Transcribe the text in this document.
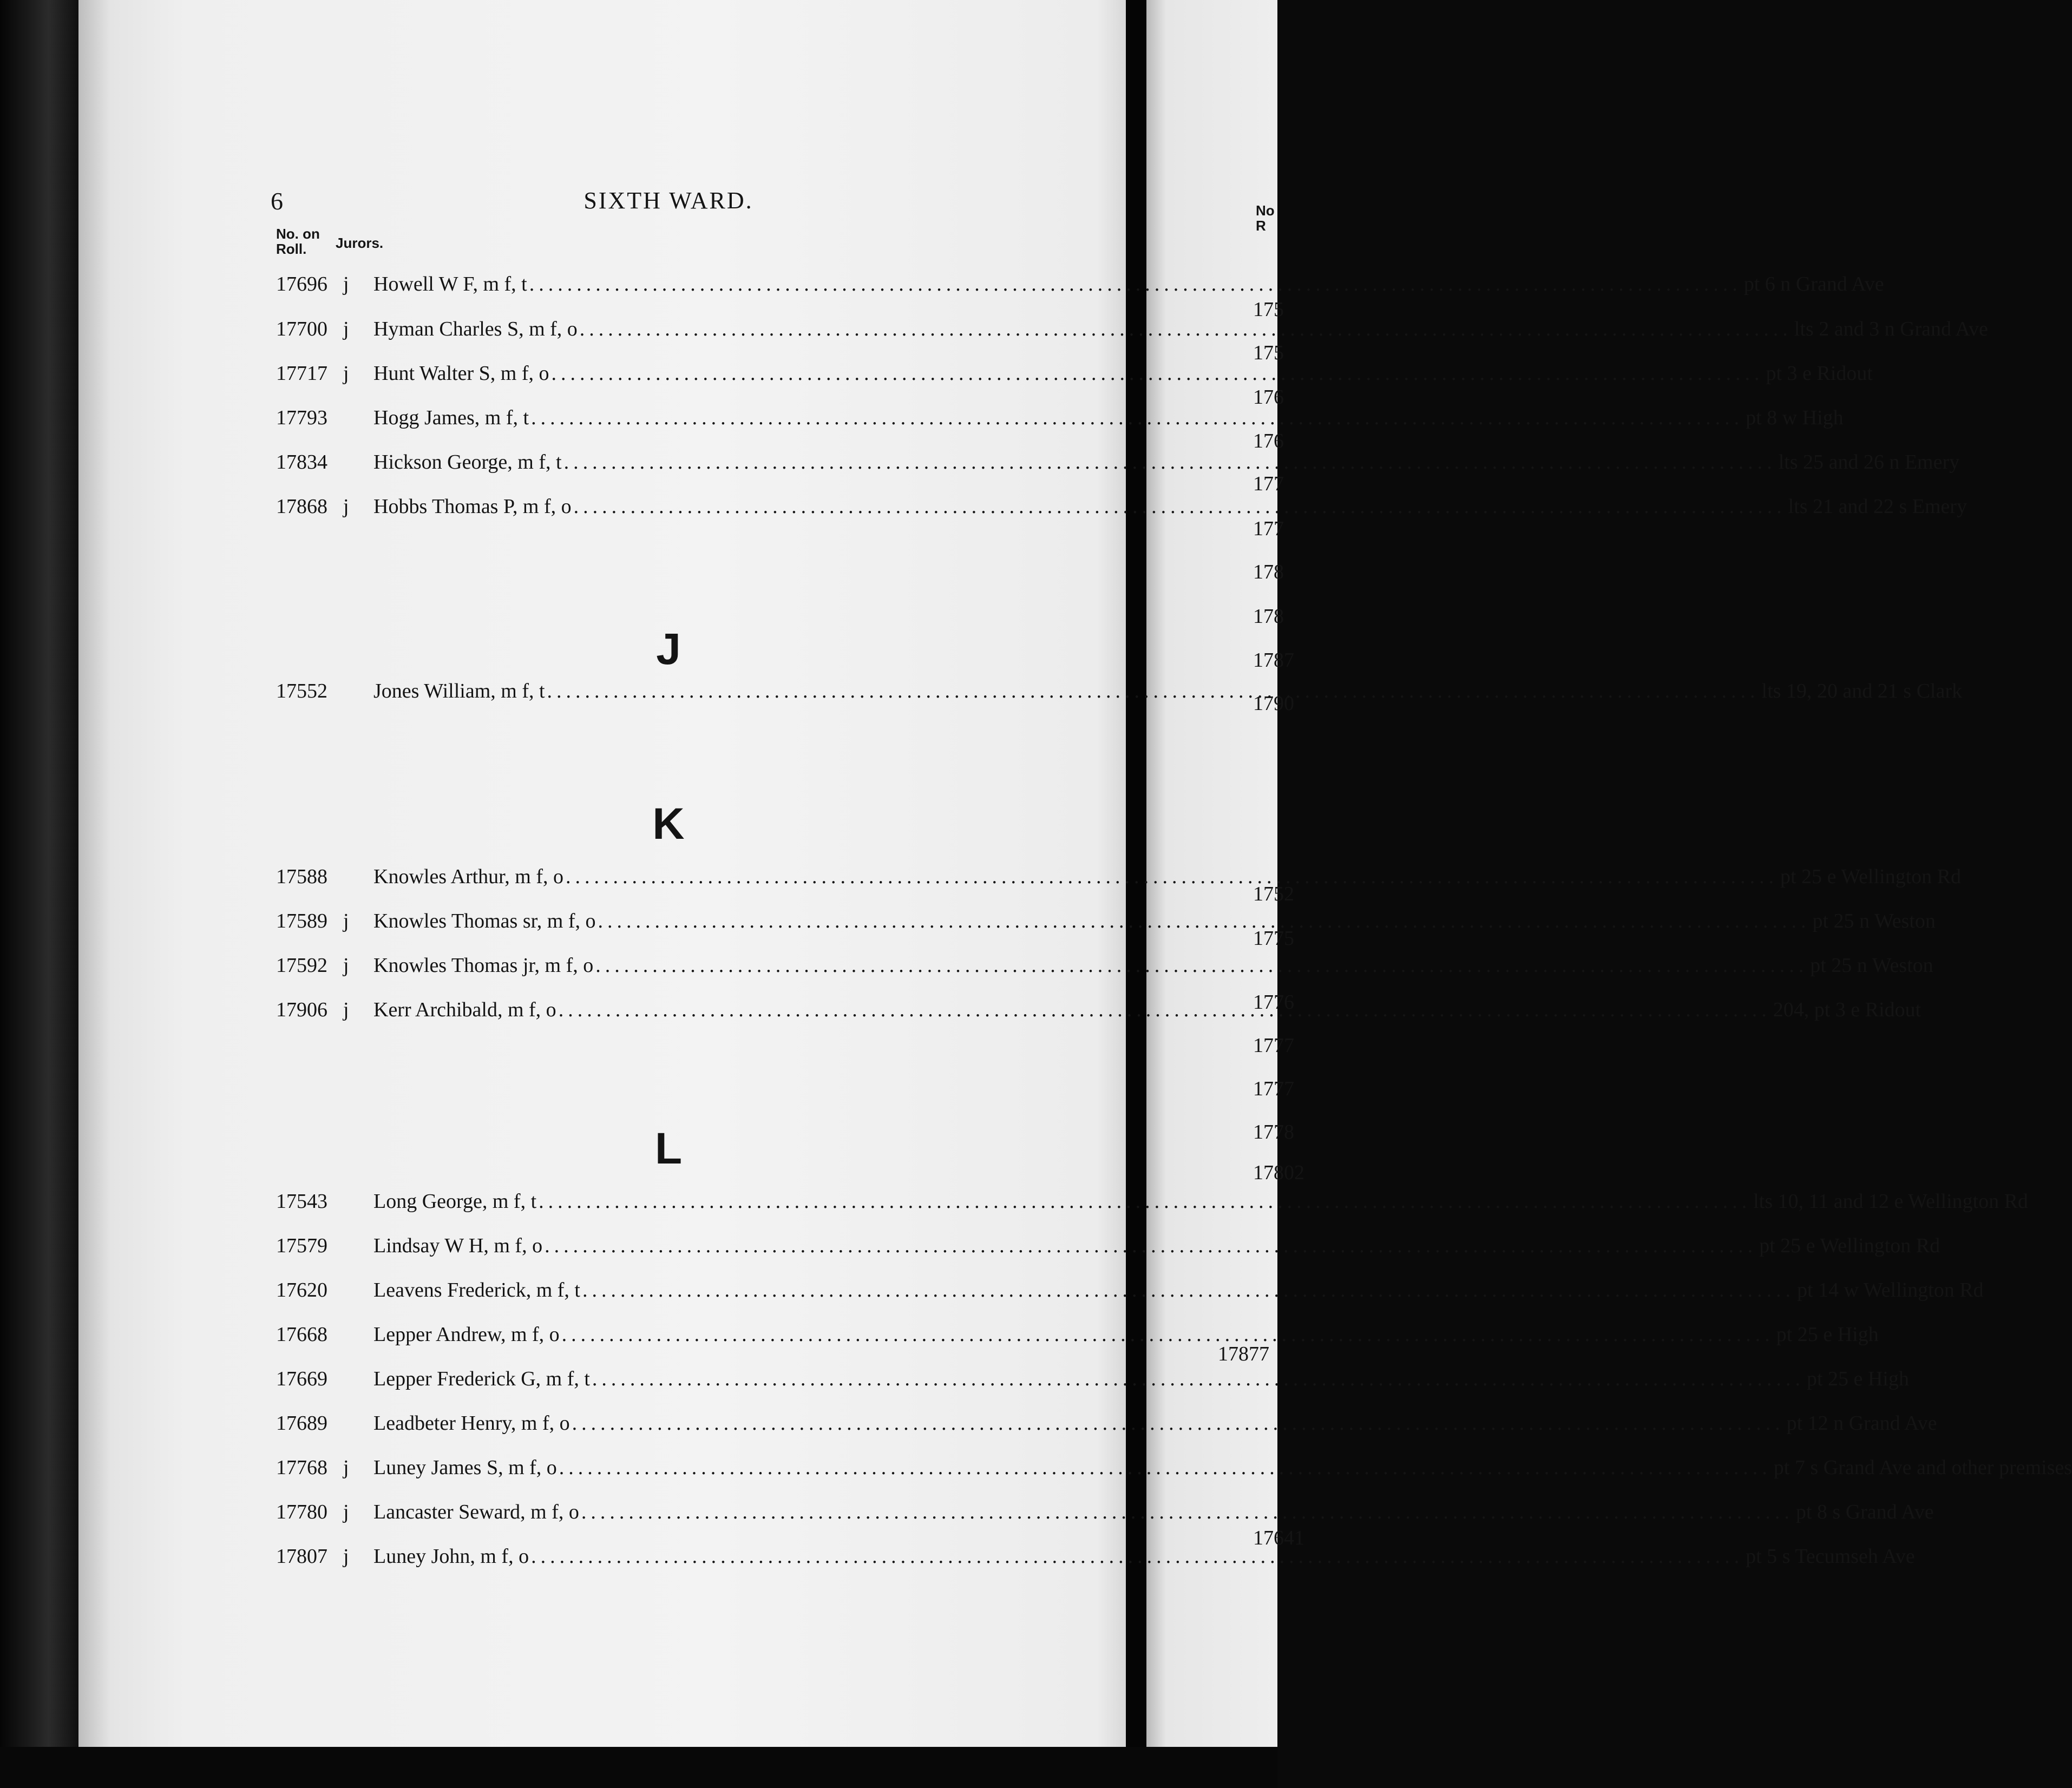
6	SIXTH WARD.
No. on
Roll.	Jurors.
17696 j Howell W F, m f, t .....	pt 6 n Grand Ave
17700 j Hyman Charles S, m f, o .....	lts 2 and 3 n Grand Ave
17717 j Hunt Walter S, m f, o .....	pt 3 e Ridout
17793 Hogg James, m f, t .....	pt 8 w High
17834 Hickson George, m f, t .....	lts 25 and 26 n Emery
17868 j Hobbs Thomas P, m f, o .....	lts 21 and 22 s Emery
J
17552 Jones William, m f, t .....	lts 19, 20 and 21 s Clark
K
17588 Knowles Arthur, m f, o .....	pt 25 e Wellington Rd
17589 j Knowles Thomas sr, m f, o .....	pt 25 n Weston
17592 j Knowles Thomas jr, m f, o .....	pt 25 n Weston
17906 j Kerr Archibald, m f, o .....	204, pt 3 e Ridout
L
17543 Long George, m f, t .....	lts 10, 11 and 12 e Wellington Rd
17579 Lindsay W H, m f, o .....	pt 25 e Wellington Rd
17620 Leavens Frederick, m f, t .....	pt 14 w Wellington Rd
17668 Lepper Andrew, m f, o .....	pt 25 e High
17669 Lepper Frederick G, m f, t .....	pt 25 e High
17689 Leadbeter Henry, m f, o .....	pt 12 n Grand Ave
17768 j Luney James S, m f, o .....	pt 7 s Grand Ave and other premises
17780 j Lancaster Seward, m f, o .....	pt 8 s Grand Ave
17807 j Luney John, m f, o .....	pt 5 s Tecumseh Ave
No
R
175
175
176
176
177
177
178
178
1787
1790
1752
1775
1776
1777
1777
1778
17802
17877
17641
